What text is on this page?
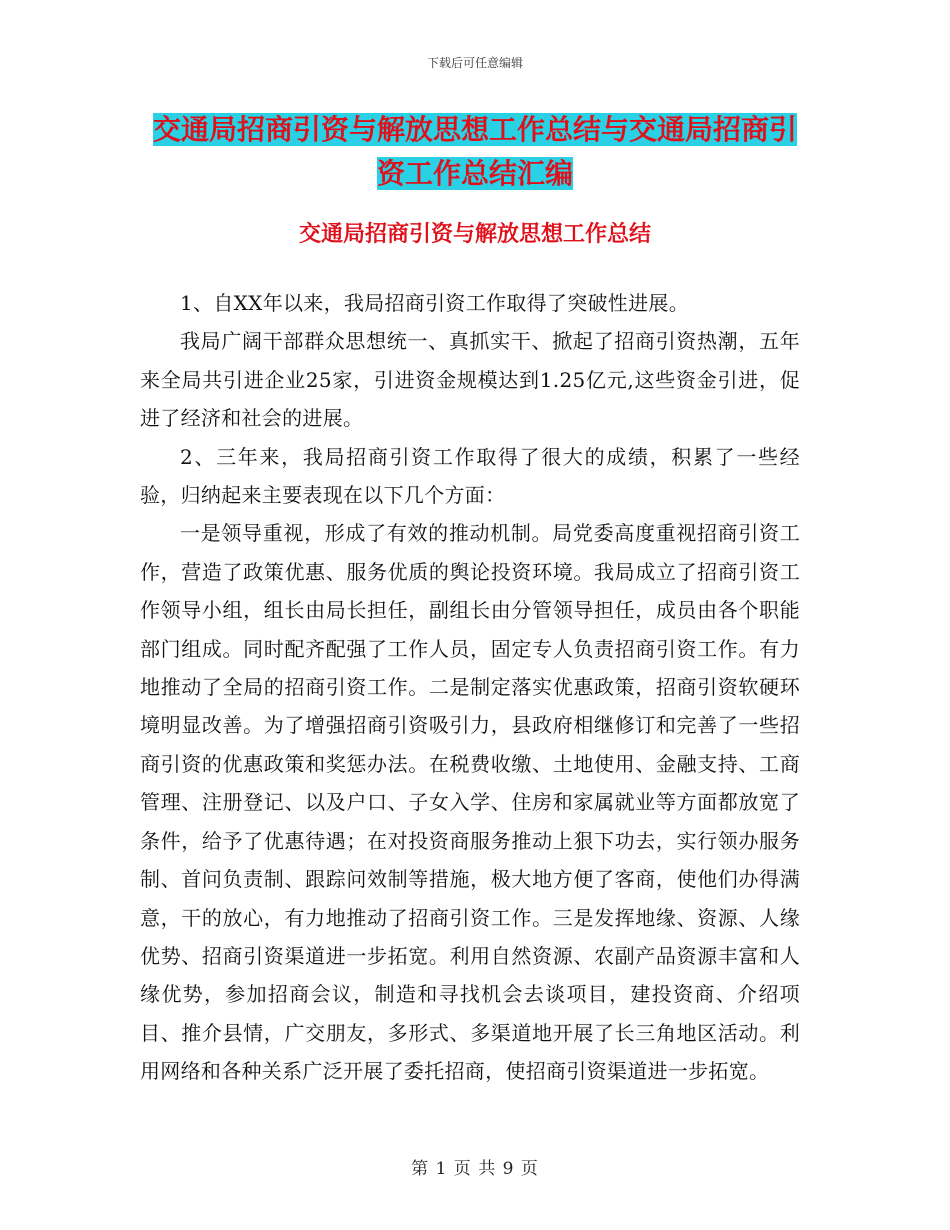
下载后可任意编辑
交通局招商引资与解放思想工作总结与交通局招商引
资工作总结汇编
交通局招商引资与解放思想工作总结

1、自XX年以来，我局招商引资工作取得了突破性进展。

我局广阔干部群众思想统一、真抓实干、掀起了招商引资热潮，五年来全局共引进企业25家，引进资金规模达到1.25亿元,这些资金引进，促进了经济和社会的进展。

2、三年来，我局招商引资工作取得了很大的成绩，积累了一些经验，归纳起来主要表现在以下几个方面：

一是领导重视，形成了有效的推动机制。局党委高度重视招商引资工作，营造了政策优惠、服务优质的舆论投资环境。我局成立了招商引资工作领导小组，组长由局长担任，副组长由分管领导担任，成员由各个职能部门组成。同时配齐配强了工作人员，固定专人负责招商引资工作。有力地推动了全局的招商引资工作。二是制定落实优惠政策，招商引资软硬环境明显改善。为了增强招商引资吸引力，县政府相继修订和完善了一些招商引资的优惠政策和奖惩办法。在税费收缴、土地使用、金融支持、工商管理、注册登记、以及户口、子女入学、住房和家属就业等方面都放宽了条件，给予了优惠待遇；在对投资商服务推动上狠下功去，实行领办服务制、首问负责制、跟踪问效制等措施，极大地方便了客商，使他们办得满意，干的放心，有力地推动了招商引资工作。三是发挥地缘、资源、人缘优势、招商引资渠道进一步拓宽。利用自然资源、农副产品资源丰富和人缘优势，参加招商会议，制造和寻找机会去谈项目，建投资商、介绍项目、推介县情，广交朋友，多形式、多渠道地开展了长三角地区活动。利用网络和各种关系广泛开展了委托招商，使招商引资渠道进一步拓宽。

第 1 页 共 9 页
